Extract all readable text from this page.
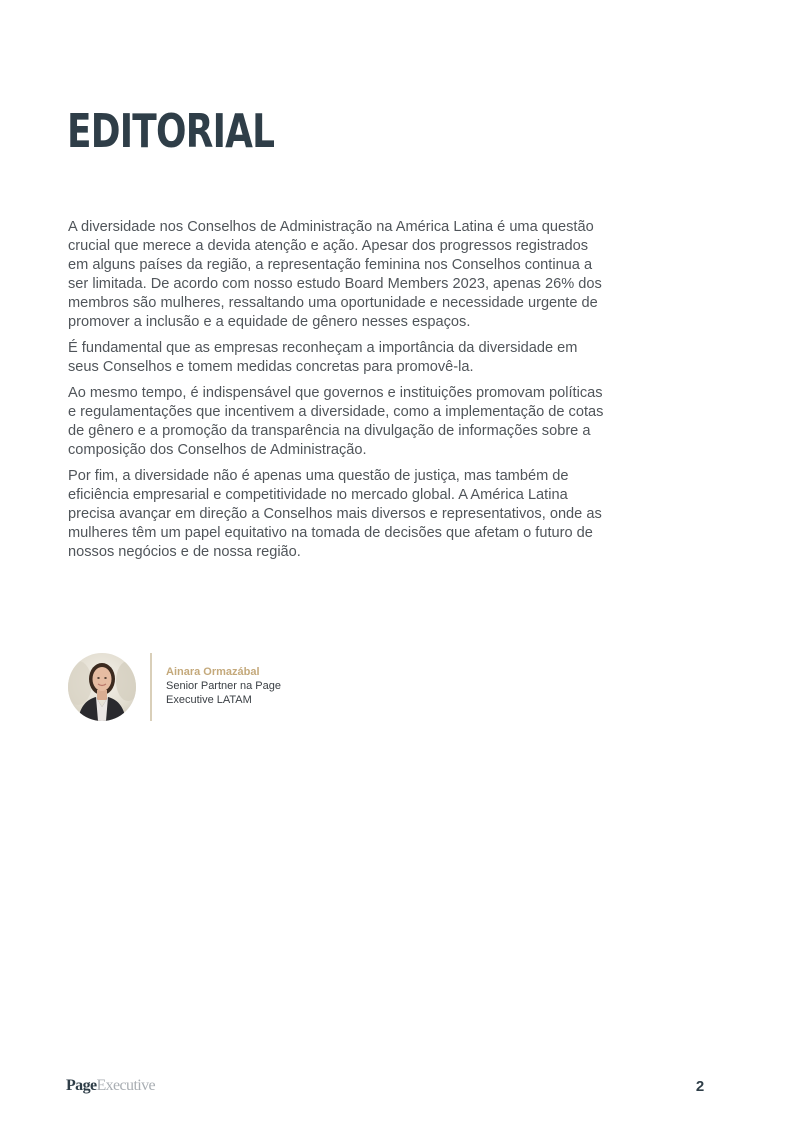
EDITORIAL

A diversidade nos Conselhos de Administração na América Latina é uma questão crucial que merece a devida atenção e ação. Apesar dos progressos registrados em alguns países da região, a representação feminina nos Conselhos continua a ser limitada. De acordo com nosso estudo Board Members 2023, apenas 26% dos membros são mulheres, ressaltando uma oportunidade e necessidade urgente de promover a inclusão e a equidade de gênero nesses espaços.

É fundamental que as empresas reconheçam a importância da diversidade em seus Conselhos e tomem medidas concretas para promovê-la.

Ao mesmo tempo, é indispensável que governos e instituições promovam políticas e regulamentações que incentivem a diversidade, como a implementação de cotas de gênero e a promoção da transparência na divulgação de informações sobre a composição dos Conselhos de Administração.

Por fim, a diversidade não é apenas uma questão de justiça, mas também de eficiência empresarial e competitividade no mercado global. A América Latina precisa avançar em direção a Conselhos mais diversos e representativos, onde as mulheres têm um papel equitativo na tomada de decisões que afetam o futuro de nossos negócios e de nossa região.

Ainara Ormazábal

Senior Partner na Page

Executive LATAM

PageExecutive	2
